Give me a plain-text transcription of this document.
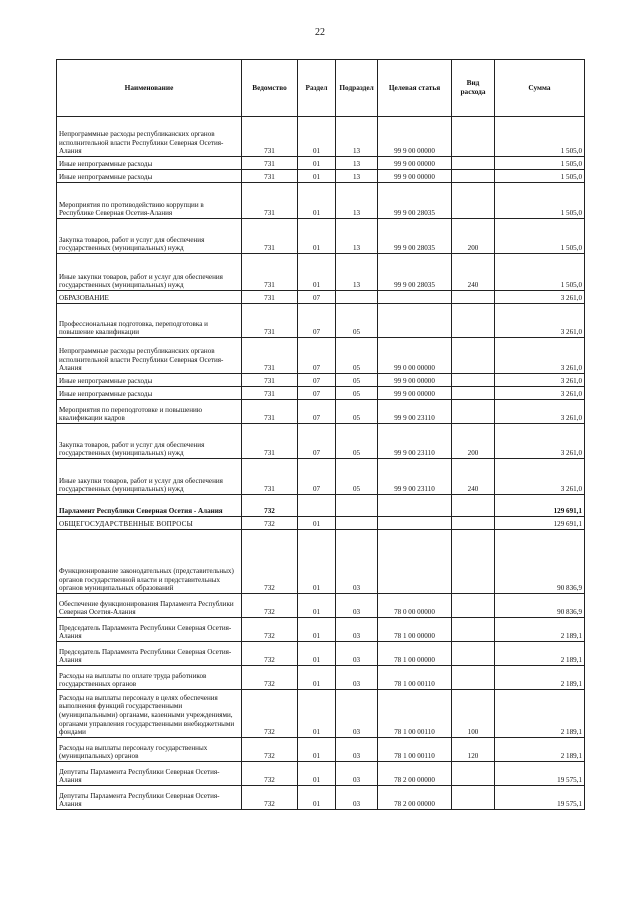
22
Наименование	Ведомство	Раздел	Подраздел	Целевая статья	Вид расхода	Сумма
Непрограммные расходы республиканских органов исполнительной власти Республики Северная Осетия-Алания	731	01	13	99 9 00 00000		1 505,0
Иные непрограммные расходы	731	01	13	99 9 00 00000		1 505,0
Иные непрограммные расходы	731	01	13	99 9 00 00000		1 505,0
Мероприятия по противодействию коррупции в Республике Северная Осетия-Алания	731	01	13	99 9 00 28035		1 505,0
Закупка товаров, работ и услуг для обеспечения государственных (муниципальных) нужд	731	01	13	99 9 00 28035	200	1 505,0
Иные закупки товаров, работ и услуг для обеспечения государственных (муниципальных) нужд	731	01	13	99 9 00 28035	240	1 505,0
ОБРАЗОВАНИЕ	731	07				3 261,0
Профессиональная подготовка, переподготовка и повышение квалификации	731	07	05			3 261,0
Непрограммные расходы республиканских органов исполнительной власти Республики Северная Осетия-Алания	731	07	05	99 0 00 00000		3 261,0
Иные непрограммные расходы	731	07	05	99 9 00 00000		3 261,0
Иные непрограммные расходы	731	07	05	99 9 00 00000		3 261,0
Мероприятия по переподготовке и повышению квалификации кадров	731	07	05	99 9 00 23110		3 261,0
Закупка товаров, работ и услуг для обеспечения государственных (муниципальных) нужд	731	07	05	99 9 00 23110	200	3 261,0
Иные закупки товаров, работ и услуг для обеспечения государственных (муниципальных) нужд	731	07	05	99 9 00 23110	240	3 261,0
Парламент Республики Северная Осетия - Алания	732					129 691,1
ОБЩЕГОСУДАРСТВЕННЫЕ ВОПРОСЫ	732	01				129 691,1
Функционирование законодательных (представительных) органов государственной власти и представительных органов муниципальных образований	732	01	03			90 836,9
Обеспечение функционирования Парламента Республики Северная Осетия-Алания	732	01	03	78 0 00 00000		90 836,9
Председатель Парламента Республики Северная Осетия-Алания	732	01	03	78 1 00 00000		2 189,1
Председатель Парламента Республики Северная Осетия-Алания	732	01	03	78 1 00 00000		2 189,1
Расходы на выплаты по оплате труда работников государственных органов	732	01	03	78 1 00 00110		2 189,1
Расходы на выплаты персоналу в целях обеспечения выполнения функций государственными (муниципальными) органами, казенными учреждениями, органами управления государственными внебюджетными фондами	732	01	03	78 1 00 00110	100	2 189,1
Расходы на выплаты персоналу государственных (муниципальных) органов	732	01	03	78 1 00 00110	120	2 189,1
Депутаты Парламента Республики Северная Осетия-Алания	732	01	03	78 2 00 00000		19 575,1
Депутаты Парламента Республики Северная Осетия-Алания	732	01	03	78 2 00 00000		19 575,1
